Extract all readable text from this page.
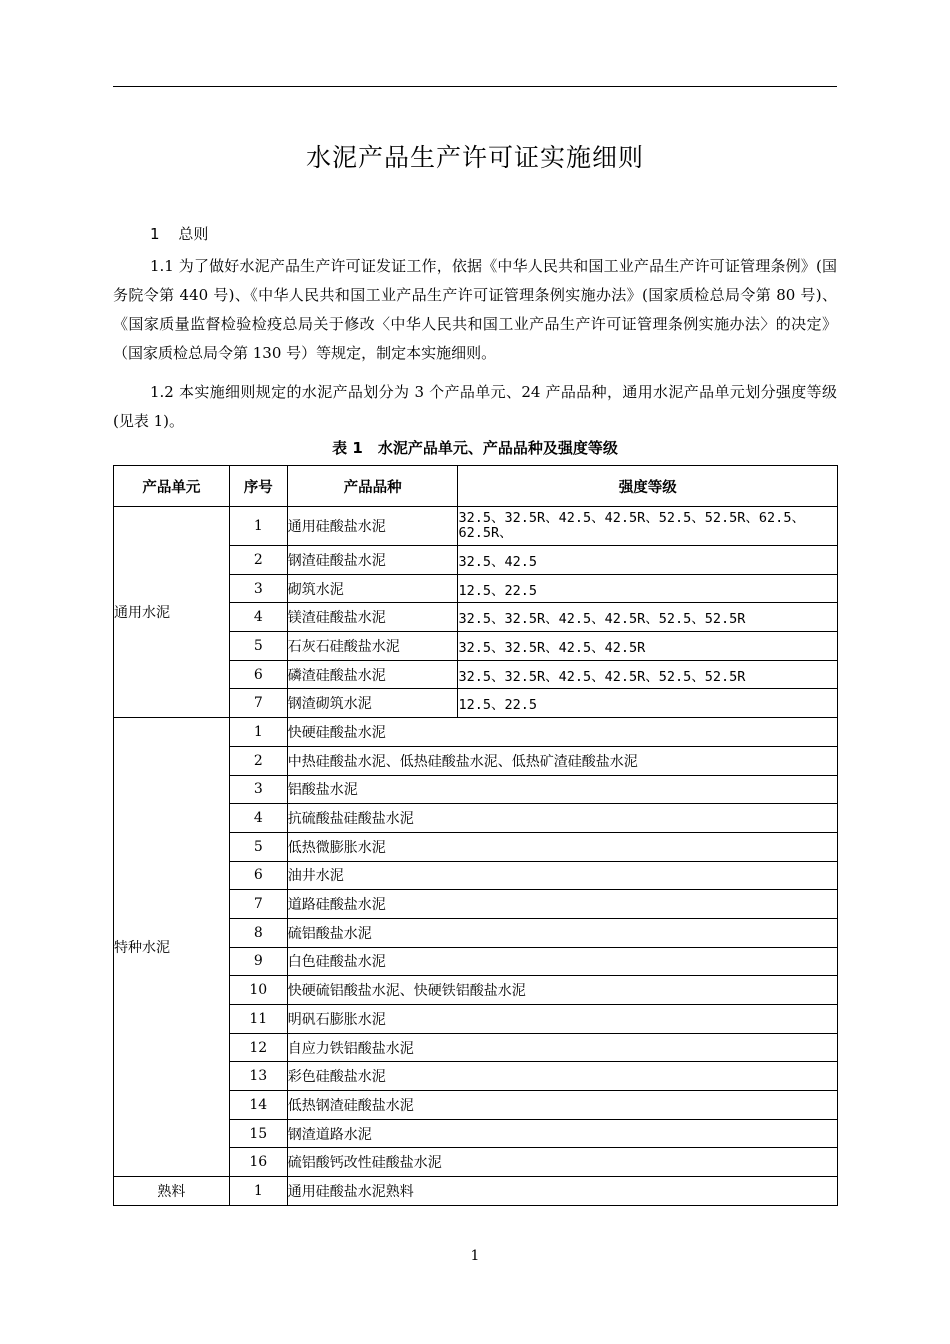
水泥产品生产许可证实施细则
1 总则

1.1 为了做好水泥产品生产许可证发证工作，依据《中华人民共和国工业产品生产许可证管理条例》(国务院令第 440 号)、《中华人民共和国工业产品生产许可证管理条例实施办法》(国家质检总局令第 80 号)、《国家质量监督检验检疫总局关于修改〈中华人民共和国工业产品生产许可证管理条例实施办法〉的决定》（国家质检总局令第 130 号）等规定，制定本实施细则。

1.2 本实施细则规定的水泥产品划分为 3 个产品单元、24 产品品种，通用水泥产品单元划分强度等级(见表 1)。

表 1　水泥产品单元、产品品种及强度等级
产品单元	序号	产品品种	强度等级
通用水泥	1	通用硅酸盐水泥	32.5、32.5R、42.5、42.5R、52.5、52.5R、62.5、62.5R、
	2	钢渣硅酸盐水泥	32.5、42.5
	3	砌筑水泥	12.5、22.5
	4	镁渣硅酸盐水泥	32.5、32.5R、42.5、42.5R、52.5、52.5R
	5	石灰石硅酸盐水泥	32.5、32.5R、42.5、42.5R
	6	磷渣硅酸盐水泥	32.5、32.5R、42.5、42.5R、52.5、52.5R
	7	钢渣砌筑水泥	12.5、22.5
特种水泥	1	快硬硅酸盐水泥	
	2	中热硅酸盐水泥、低热硅酸盐水泥、低热矿渣硅酸盐水泥	
	3	铝酸盐水泥	
	4	抗硫酸盐硅酸盐水泥	
	5	低热微膨胀水泥	
	6	油井水泥	
	7	道路硅酸盐水泥	
	8	硫铝酸盐水泥	
	9	白色硅酸盐水泥	
	10	快硬硫铝酸盐水泥、快硬铁铝酸盐水泥	
	11	明矾石膨胀水泥	
	12	自应力铁铝酸盐水泥	
	13	彩色硅酸盐水泥	
	14	低热钢渣硅酸盐水泥	
	15	钢渣道路水泥	
	16	硫铝酸钙改性硅酸盐水泥	
熟料	1	通用硅酸盐水泥熟料	
1
